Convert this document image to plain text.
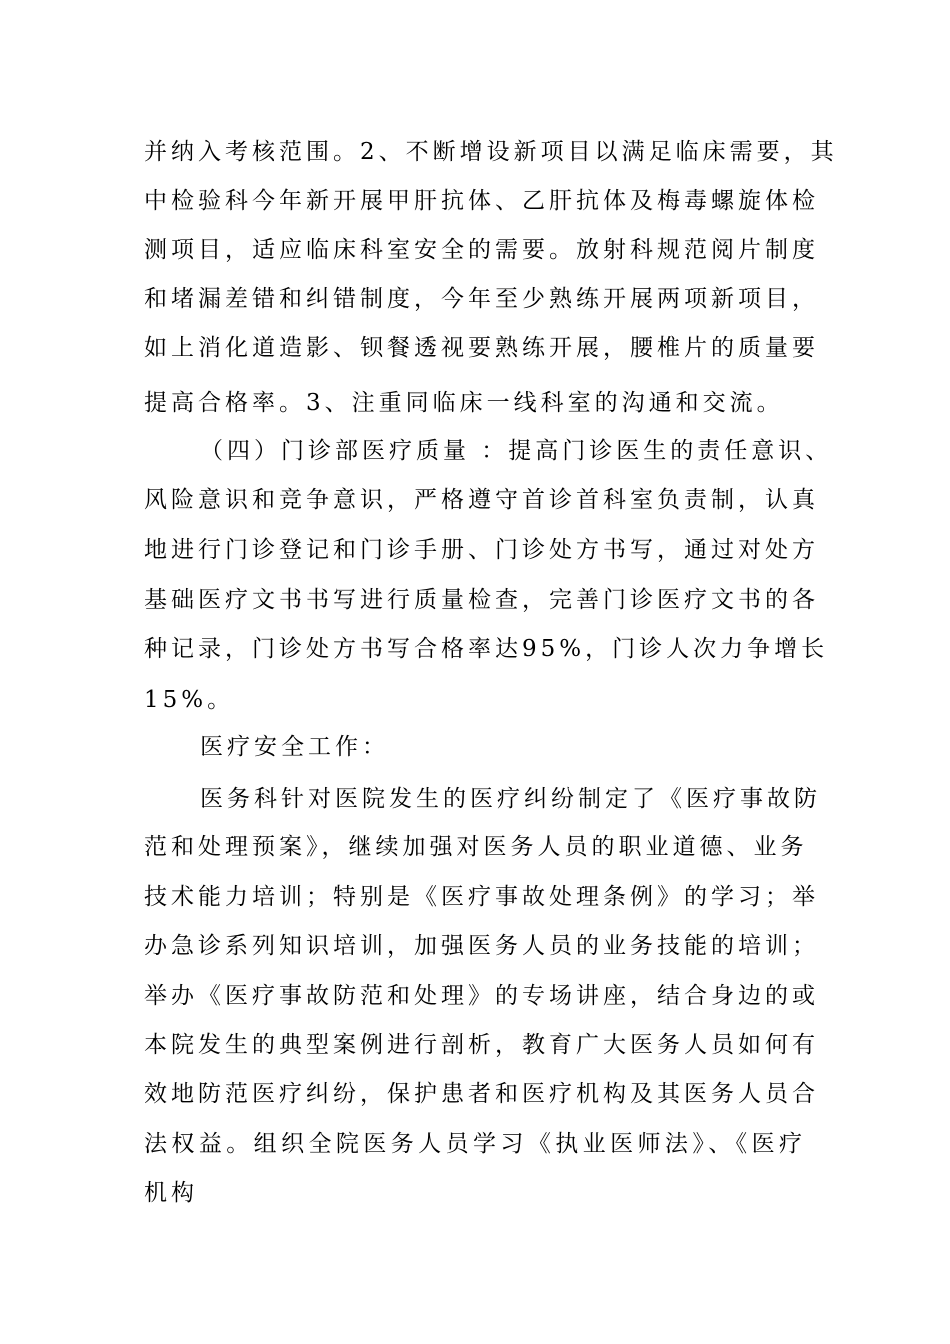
并纳入考核范围。2、不断增设新项目以满足临床需要，其
中检验科今年新开展甲肝抗体、乙肝抗体及梅毒螺旋体检
测项目，适应临床科室安全的需要。放射科规范阅片制度
和堵漏差错和纠错制度，今年至少熟练开展两项新项目，
如上消化道造影、钡餐透视要熟练开展，腰椎片的质量要
提高合格率。3、注重同临床一线科室的沟通和交流。
（四）门诊部医疗质量 ：提高门诊医生的责任意识、
风险意识和竞争意识，严格遵守首诊首科室负责制，认真
地进行门诊登记和门诊手册、门诊处方书写，通过对处方
基础医疗文书书写进行质量检查，完善门诊医疗文书的各
种记录，门诊处方书写合格率达95%，门诊人次力争增长
15%。
医疗安全工作：
医务科针对医院发生的医疗纠纷制定了《医疗事故防
范和处理预案》，继续加强对医务人员的职业道德、业务
技术能力培训；特别是《医疗事故处理条例》的学习；举
办急诊系列知识培训，加强医务人员的业务技能的培训；
举办《医疗事故防范和处理》的专场讲座，结合身边的或
本院发生的典型案例进行剖析，教育广大医务人员如何有
效地防范医疗纠纷，保护患者和医疗机构及其医务人员合
法权益。组织全院医务人员学习《执业医师法》、《医疗
机构
